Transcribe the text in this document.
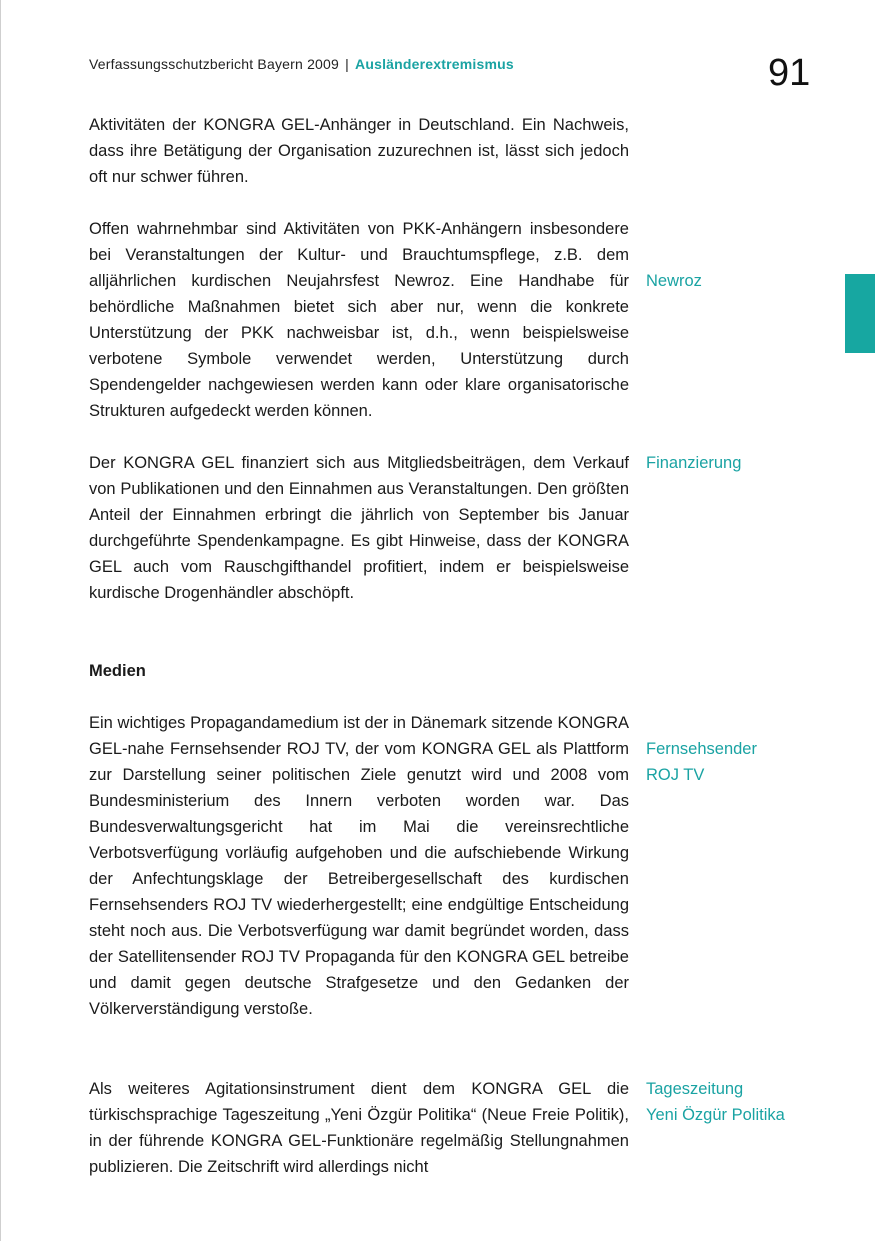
Verfassungsschutzbericht Bayern 2009 | Ausländerextremismus	91

Aktivitäten der KONGRA GEL-Anhänger in Deutschland. Ein Nachweis, dass ihre Betätigung der Organisation zuzurechnen ist, lässt sich jedoch oft nur schwer führen.

Offen wahrnehmbar sind Aktivitäten von PKK-Anhängern insbesondere bei Veranstaltungen der Kultur- und Brauchtumspflege, z.B. dem alljährlichen kurdischen Neujahrsfest Newroz. Eine Handhabe für behördliche Maßnahmen bietet sich aber nur, wenn die konkrete Unterstützung der PKK nachweisbar ist, d.h., wenn beispielsweise verbotene Symbole verwendet werden, Unterstützung durch Spendengelder nachgewiesen werden kann oder klare organisatorische Strukturen aufgedeckt werden können.

Der KONGRA GEL finanziert sich aus Mitgliedsbeiträgen, dem Verkauf von Publikationen und den Einnahmen aus Veranstaltungen. Den größten Anteil der Einnahmen erbringt die jährlich von September bis Januar durchgeführte Spendenkampagne. Es gibt Hinweise, dass der KONGRA GEL auch vom Rauschgifthandel profitiert, indem er beispielsweise kurdische Drogenhändler abschöpft.

Medien

Ein wichtiges Propagandamedium ist der in Dänemark sitzende KONGRA GEL-nahe Fernsehsender ROJ TV, der vom KONGRA GEL als Plattform zur Darstellung seiner politischen Ziele genutzt wird und 2008 vom Bundesministerium des Innern verboten worden war. Das Bundesverwaltungsgericht hat im Mai die vereinsrechtliche Verbotsverfügung vorläufig aufgehoben und die aufschiebende Wirkung der Anfechtungsklage der Betreibergesellschaft des kurdischen Fernsehsenders ROJ TV wiederhergestellt; eine endgültige Entscheidung steht noch aus. Die Verbotsverfügung war damit begründet worden, dass der Satellitensender ROJ TV Propaganda für den KONGRA GEL betreibe und damit gegen deutsche Strafgesetze und den Gedanken der Völkerverständigung verstoße.

Als weiteres Agitationsinstrument dient dem KONGRA GEL die türkischsprachige Tageszeitung „Yeni Özgür Politika“ (Neue Freie Politik), in der führende KONGRA GEL-Funktionäre regelmäßig Stellungnahmen publizieren. Die Zeitschrift wird allerdings nicht

Newroz

Finanzierung

Fernsehsender
ROJ TV

Tageszeitung
Yeni Özgür Politika
